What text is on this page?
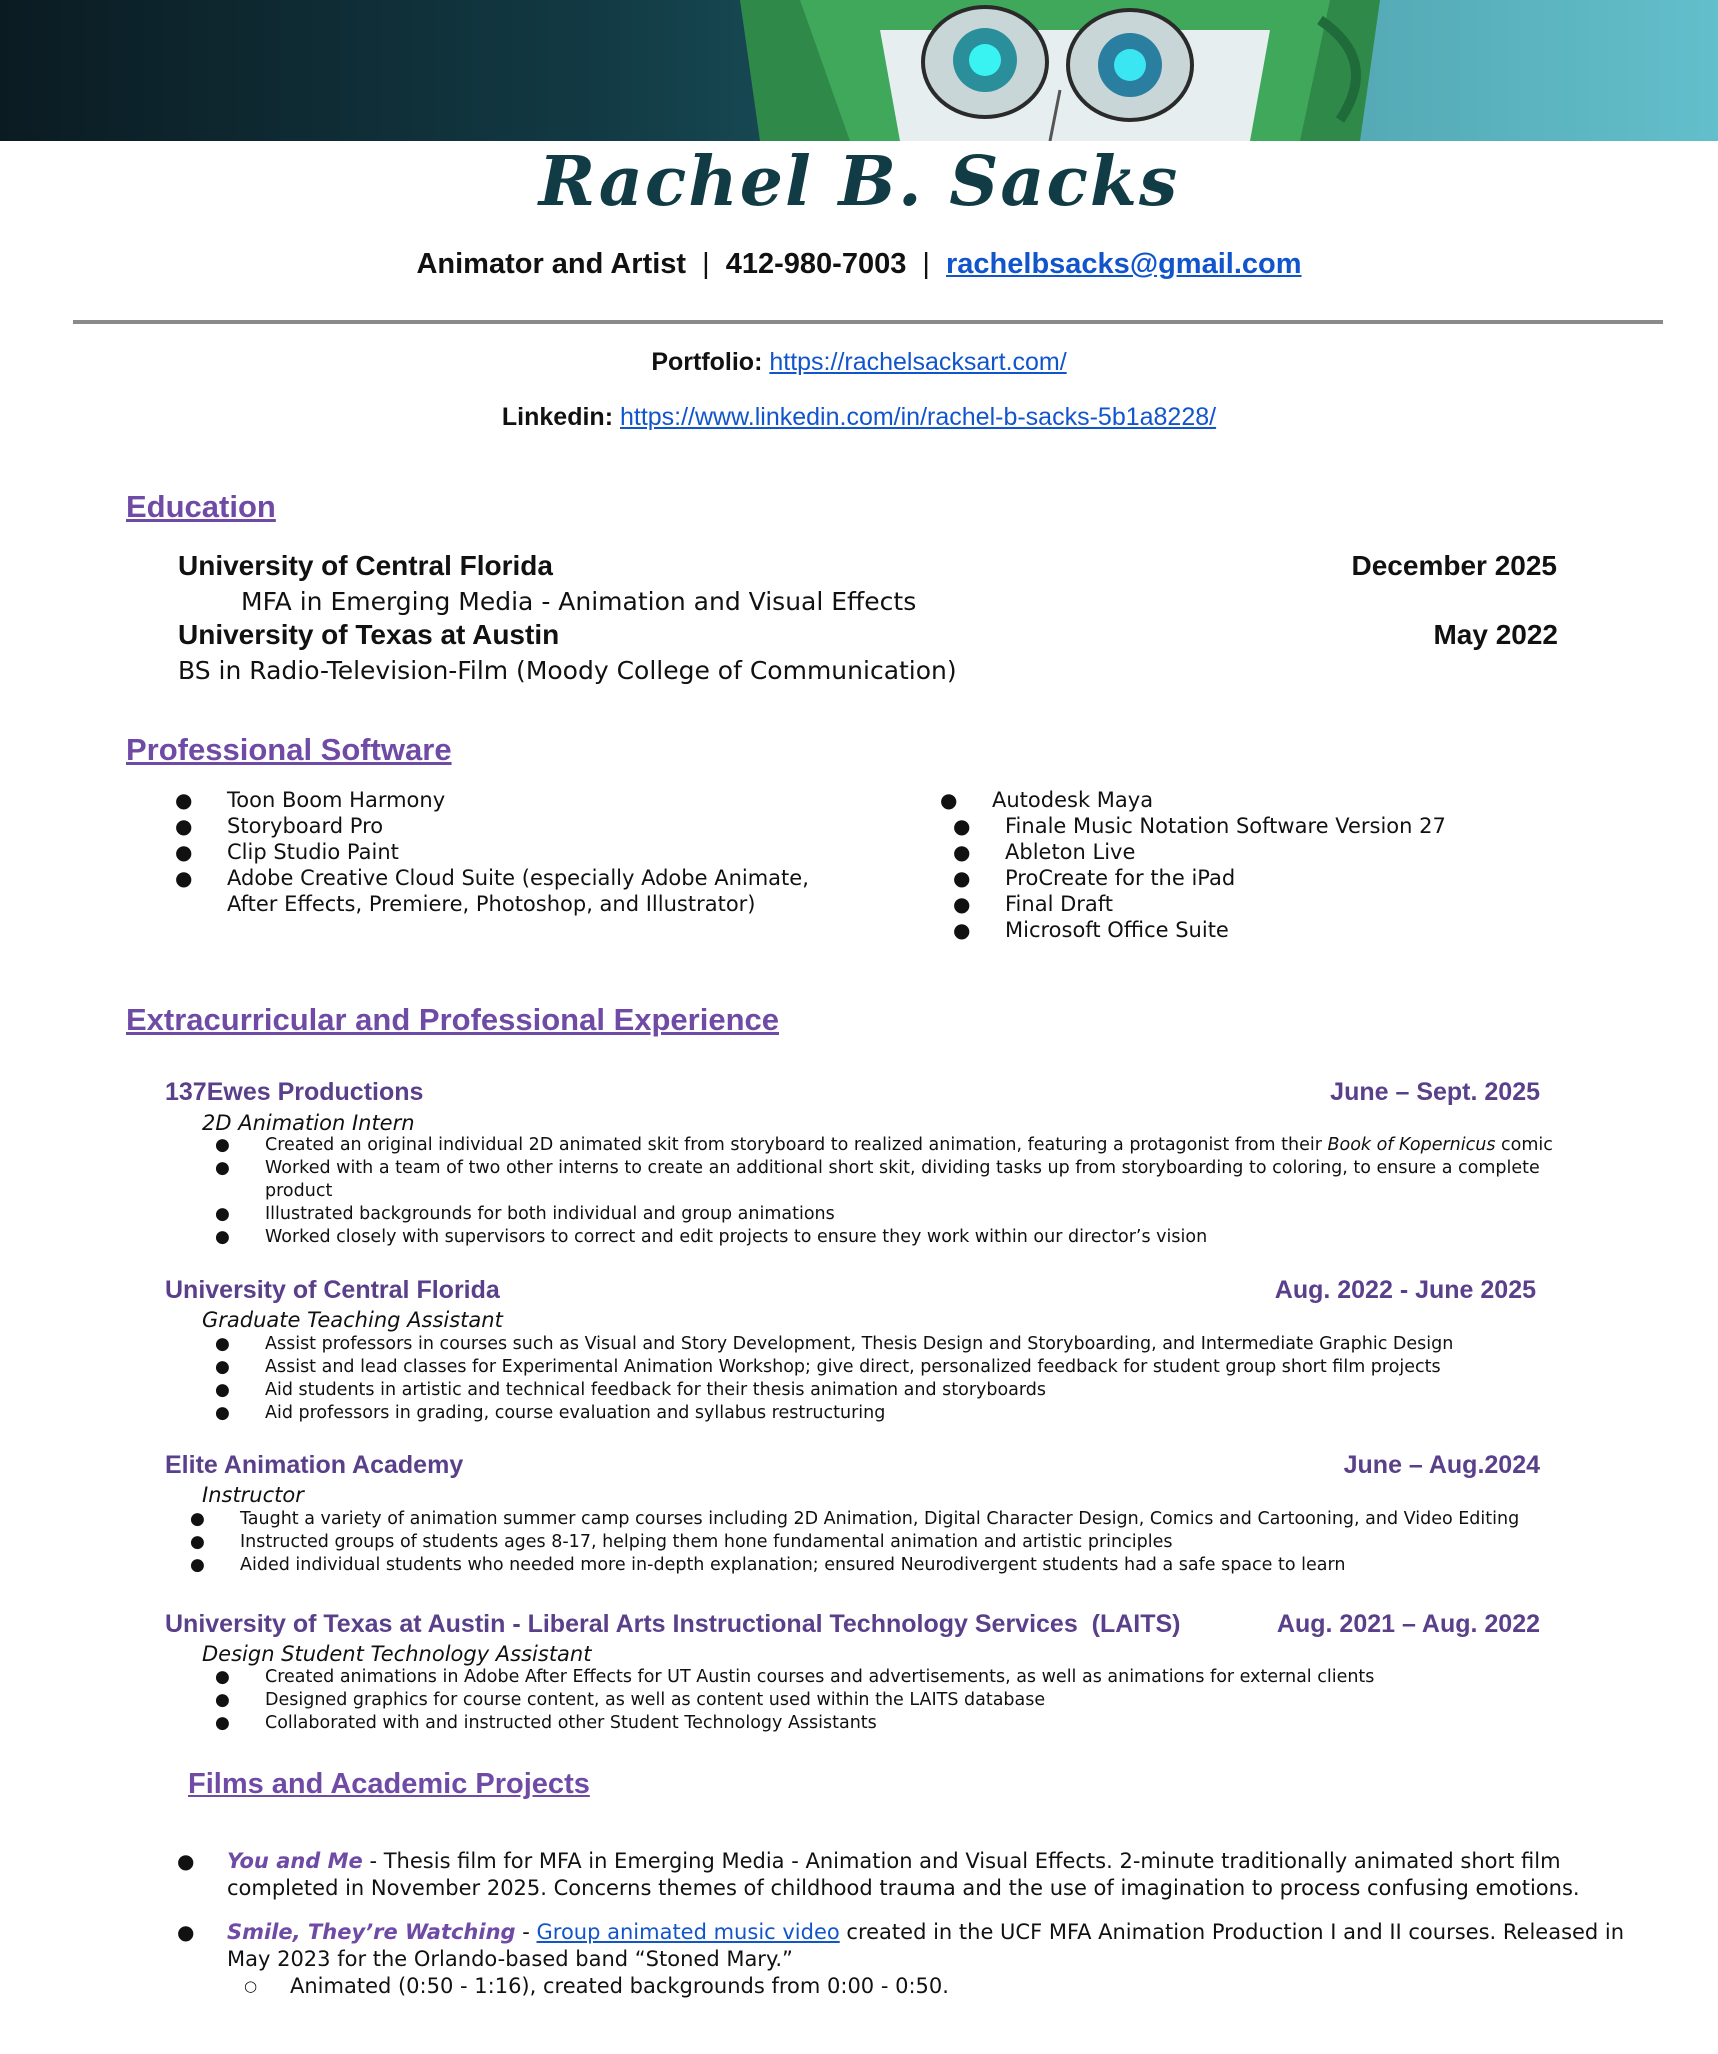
Rachel B. Sacks
Animator and Artist | 412-980-7003 | rachelbsacks@gmail.com
Portfolio: https://rachelsacksart.com/
Linkedin: https://www.linkedin.com/in/rachel-b-sacks-5b1a8228/
Education
University of Central Florida	December 2025
MFA in Emerging Media - Animation and Visual Effects
University of Texas at Austin	May 2022
BS in Radio-Television-Film (Moody College of Communication)
Professional Software
● Toon Boom Harmony
● Storyboard Pro
● Clip Studio Paint
● Adobe Creative Cloud Suite (especially Adobe Animate,
After Effects, Premiere, Photoshop, and Illustrator)
● Autodesk Maya
● Finale Music Notation Software Version 27
● Ableton Live
● ProCreate for the iPad
● Final Draft
● Microsoft Office Suite
Extracurricular and Professional Experience
137Ewes Productions	June – Sept. 2025
2D Animation Intern
● Created an original individual 2D animated skit from storyboard to realized animation, featuring a protagonist from their Book of Kopernicus comic
● Worked with a team of two other interns to create an additional short skit, dividing tasks up from storyboarding to coloring, to ensure a complete
product
● Illustrated backgrounds for both individual and group animations
● Worked closely with supervisors to correct and edit projects to ensure they work within our director’s vision
University of Central Florida	Aug. 2022 - June 2025
Graduate Teaching Assistant
● Assist professors in courses such as Visual and Story Development, Thesis Design and Storyboarding, and Intermediate Graphic Design
● Assist and lead classes for Experimental Animation Workshop; give direct, personalized feedback for student group short film projects
● Aid students in artistic and technical feedback for their thesis animation and storyboards
● Aid professors in grading, course evaluation and syllabus restructuring
Elite Animation Academy	June – Aug.2024
Instructor
● Taught a variety of animation summer camp courses including 2D Animation, Digital Character Design, Comics and Cartooning, and Video Editing
● Instructed groups of students ages 8-17, helping them hone fundamental animation and artistic principles
● Aided individual students who needed more in-depth explanation; ensured Neurodivergent students had a safe space to learn
University of Texas at Austin - Liberal Arts Instructional Technology Services  (LAITS)	Aug. 2021 – Aug. 2022
Design Student Technology Assistant
● Created animations in Adobe After Effects for UT Austin courses and advertisements, as well as animations for external clients
● Designed graphics for course content, as well as content used within the LAITS database
● Collaborated with and instructed other Student Technology Assistants
Films and Academic Projects
● You and Me - Thesis film for MFA in Emerging Media - Animation and Visual Effects. 2-minute traditionally animated short film
completed in November 2025. Concerns themes of childhood trauma and the use of imagination to process confusing emotions.
● Smile, They’re Watching - Group animated music video created in the UCF MFA Animation Production I and II courses. Released in
May 2023 for the Orlando-based band “Stoned Mary.”
○ Animated (0:50 - 1:16), created backgrounds from 0:00 - 0:50.
